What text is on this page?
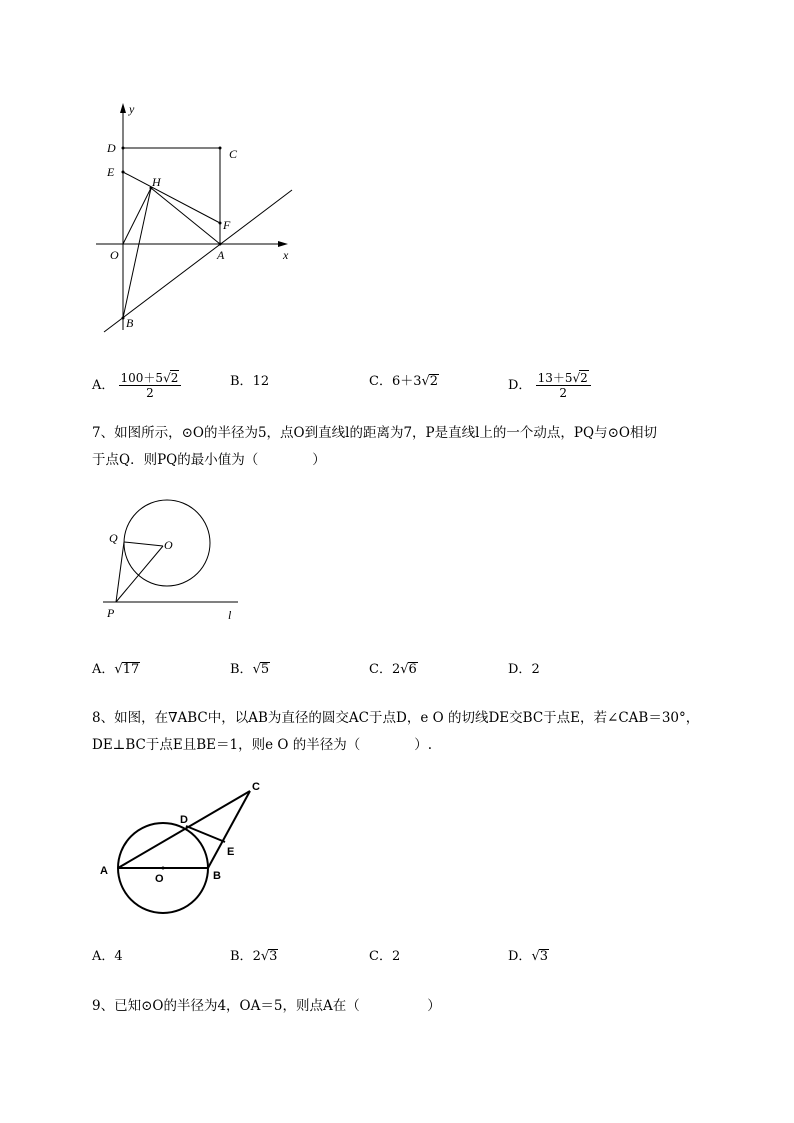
y
x
D	C
E
H
F
O	A
B
A． $\frac{100+5√2}{2}$	B．12	C．6＋3√2	D． $\frac{13+5√2}{2}$
7、如图所示，⊙O的半径为5，点O到直线l的距离为7，P是直线l上的一个动点，PQ与⊙O相切
于点Q．则PQ的最小值为（　　　　）
Q	O
P	l
A．√17	B．√5	C．2√6	D．2
8、如图，在∇ABC中，以AB为直径的圆交AC于点D，e O 的切线DE交BC于点E，若∠CAB＝30°，
DE⊥BC于点E且BE＝1，则e O 的半径为（　　　　）.
A	B
C
D
E
O
A．4	B．2√3	C．2	D．√3
9、已知⊙O的半径为4，OA＝5，则点A在（　　　　　）
